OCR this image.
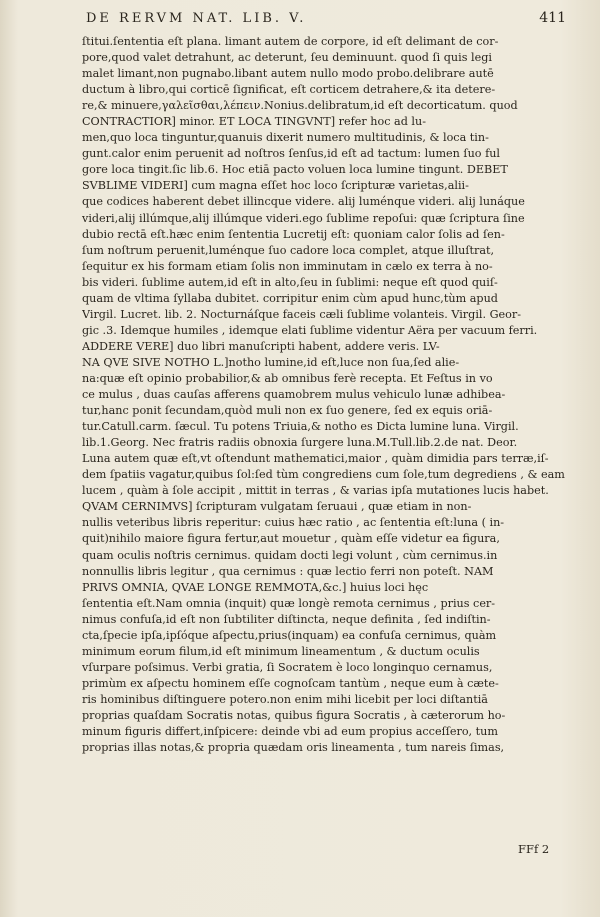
DE RERVM NAT. LIB. V.	411
ſtitui.ſententia eſt plana. limant autem de corpore, id eſt delimant de cor-
pore,quod valet detrahunt, ac deterunt, ſeu deminuunt. quod ſi quis legi
malet limant,non pugnabo.libant autem nullo modo probo.delibrare autē
ductum à libro,qui corticē ſignificat, eſt corticem detrahere,& ita detere-
re,& minuere,γαλεῖσθαι,λέπειν.Nonius.delibratum,id eſt decorticatum. quod
CONTRACTIOR] minor. ET LOCA TINGVNT] refer hoc ad lu-
men,quo loca tinguntur,quanuis dixerit numero multitudinis, & loca tin-
gunt.calor enim peruenit ad noſtros ſenſus,id eſt ad tactum: lumen ſuo ful
gore loca tingit.ſic lib.6. Hoc etiā pacto voluen loca lumine tingunt. DEBET
SVBLIME VIDERI] cum magna eſſet hoc loco ſcripturæ varietas,alii-
que codices haberent debet illincque videre. alij luménque videri. alij lunáque
videri,alij illúmque,alij illúmque videri.ego ſublime repoſui: quæ ſcriptura ſine
dubio rectā eſt.hæc enim ſententia Lucretij eſt: quoniam calor ſolis ad ſen-
ſum noſtrum peruenit,luménque ſuo cadore loca complet, atque illuſtrat,
ſequitur ex his formam etiam ſolis non imminutam in cælo ex terra à no-
bis videri. ſublime autem,id eſt in alto,ſeu in ſublimi: neque eſt quod quiſ-
quam de vltima ſyllaba dubitet. corripitur enim cùm apud hunc,tùm apud
Virgil. Lucret. lib. 2. Nocturnáſque faceis cæli ſublime volanteis. Virgil. Geor-
gic .3. Idemque humiles , idemque elati ſublime videntur Aëra per vacuum ferri.
ADDERE VERE] duo libri manuſcripti habent, addere veris. LV-
NA QVE SIVE NOTHO L.]notho lumine,id eſt,luce non ſua,ſed alie-
na:quæ eſt opinio probabilior,& ab omnibus ferè recepta. Et Feſtus in vo
ce mulus , duas cauſas afferens quamobrem mulus vehiculo lunæ adhibea-
tur,hanc ponit ſecundam,quòd muli non ex ſuo genere, ſed ex equis oriā-
tur.Catull.carm. ſæcul. Tu potens Triuia,& notho es Dicta lumine luna. Virgil.
lib.1.Georg. Nec fratris radiis obnoxia ſurgere luna.M.Tull.lib.2.de nat. Deor.
Luna autem quæ eſt,vt oſtendunt mathematici,maior , quàm dimidia pars terræ,iſ-
dem ſpatiis vagatur,quibus ſol:ſed tùm congrediens cum ſole,tum degrediens , & eam
lucem , quàm à ſole accipit , mittit in terras , & varias ipſa mutationes lucis habet.
QVAM CERNIMVS] ſcripturam vulgatam ſeruaui , quæ etiam in non-
nullis veteribus libris reperitur: cuius hæc ratio , ac ſententia eſt:luna ( in-
quit)nihilo maiore figura fertur,aut mouetur , quàm eſſe videtur ea figura,
quam oculis noſtris cernimus. quidam docti legi volunt , cùm cernimus.in
nonnullis libris legitur , qua cernimus : quæ lectio ferri non poteſt. NAM
PRIVS OMNIA, QVAE LONGE REMMOTA,&c.] huius loci hęc
ſententia eſt.Nam omnia (inquit) quæ longè remota cernimus , prius cer-
nimus confuſa,id eſt non ſubtiliter diſtincta, neque definita , ſed indiſtin-
cta,ſpecie ipſa,ipſóque aſpectu,prius(inquam) ea confuſa cernimus, quàm
minimum eorum filum,id eſt minimum lineamentum , & ductum oculis
vſurpare poſsimus. Verbi gratia, ſi Socratem è loco longinquo cernamus,
primùm ex aſpectu hominem eſſe cognoſcam tantùm , neque eum à cæte-
ris hominibus diſtinguere potero.non enim mihi licebit per loci diſtantiā
proprias quaſdam Socratis notas, quibus figura Socratis , à cæterorum ho-
minum figuris differt,inſpicere: deinde vbi ad eum propius acceſſero, tum
proprias illas notas,& propria quædam oris lineamenta , tum nareis ſimas,
FFf 2
